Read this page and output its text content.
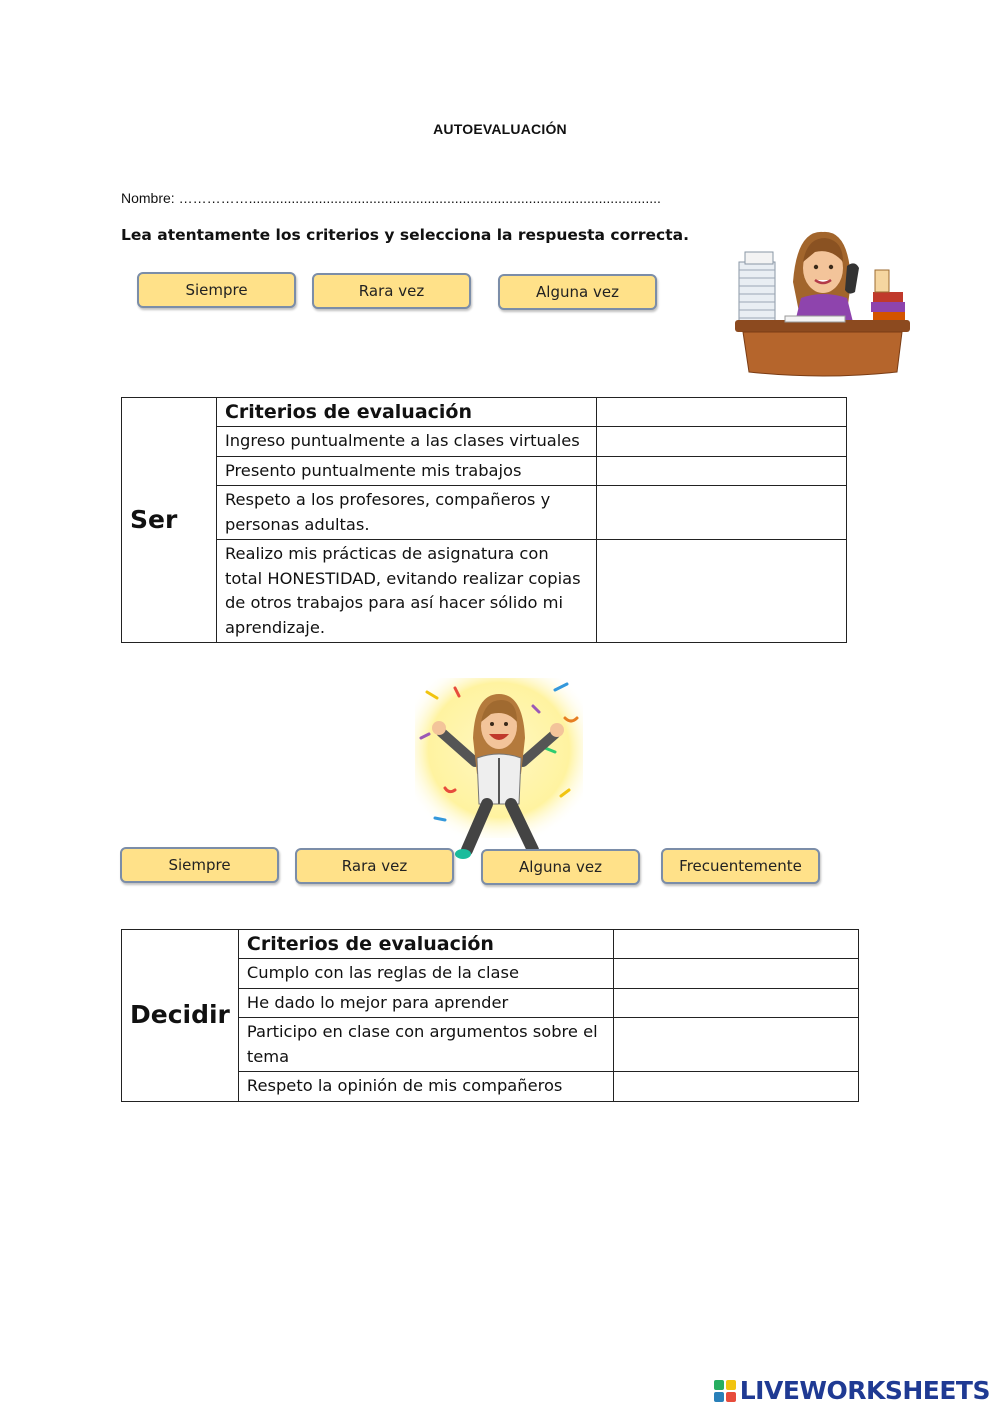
AUTOEVALUACIÓN
Nombre: ……………..........................................................................................................
Lea atentamente los criterios y selecciona la respuesta correcta.
Siempre	Rara vez	Alguna vez
Ser	Criterios de evaluación	
	Ingreso puntualmente a las clases virtuales	
	Presento puntualmente mis trabajos	
	Respeto a los profesores, compañeros y personas adultas.	
	Realizo mis prácticas de asignatura con total HONESTIDAD, evitando realizar copias de otros trabajos para así hacer sólido mi aprendizaje.	
Siempre	Rara vez	Alguna vez	Frecuentemente
Decidir	Criterios de evaluación	
	Cumplo con las reglas de la clase	
	He dado lo mejor para aprender	
	Participo en clase con argumentos sobre el tema	
	Respeto la opinión de mis compañeros	
LIVEWORKSHEETS
